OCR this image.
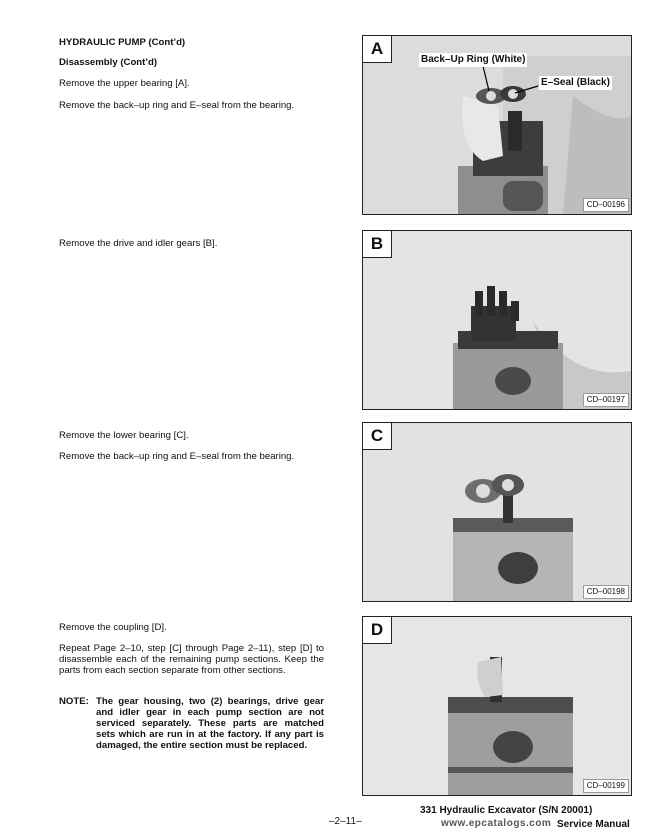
HYDRAULIC PUMP (Cont’d)
Disassembly (Cont’d)
Remove the upper bearing [A].
Remove the back–up ring and E–seal from the bearing.
Remove the drive and idler gears [B].
Remove the lower bearing [C].
Remove the back–up ring and E–seal from the bearing.
Remove the coupling [D].
Repeat Page 2–10, step [C] through Page 2–11), step [D] to disassemble each of the remaining pump sections. Keep the parts from each section separate from other sections.
NOTE: The gear housing, two (2) bearings, drive gear and idler gear in each pump section are not serviced separately. These parts are matched sets which are run in at the factory. If any part is damaged, the entire section must be replaced.
A
Back–Up Ring (White)
E–Seal (Black)
CD–00196
B
CD–00197
C
CD–00198
D
CD–00199
–2–11–
331 Hydraulic Excavator (S/N 20001)
www.epcatalogs.com Service Manual
